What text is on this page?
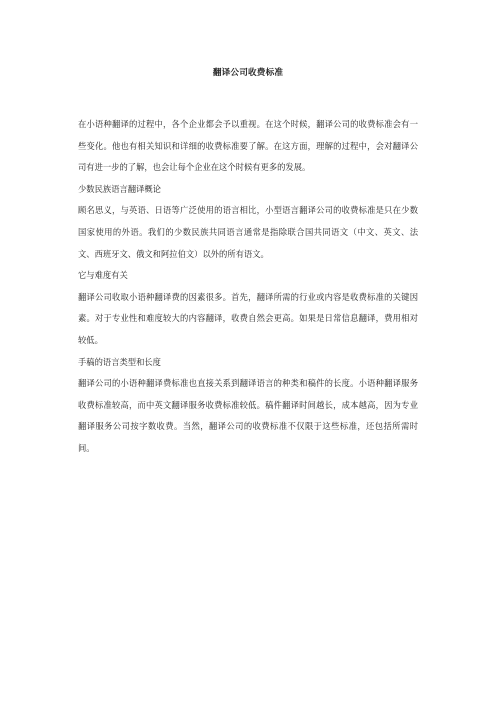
翻译公司收费标准

在小语种翻译的过程中，各个企业都会予以重视。在这个时候，翻译公司的收费标准会有一些变化。他也有相关知识和详细的收费标准要了解。在这方面，理解的过程中，会对翻译公司有进一步的了解，也会让每个企业在这个时候有更多的发展。

少数民族语言翻译概论

顾名思义，与英语、日语等广泛使用的语言相比，小型语言翻译公司的收费标准是只在少数国家使用的外语。我们的少数民族共同语言通常是指除联合国共同语文（中文、英文、法文、西班牙文、俄文和阿拉伯文）以外的所有语文。

它与难度有关

翻译公司收取小语种翻译费的因素很多。首先，翻译所需的行业或内容是收费标准的关键因素。对于专业性和难度较大的内容翻译，收费自然会更高。如果是日常信息翻译，费用相对较低。

手稿的语言类型和长度

翻译公司的小语种翻译费标准也直接关系到翻译语言的种类和稿件的长度。小语种翻译服务收费标准较高，而中英文翻译服务收费标准较低。稿件翻译时间越长，成本越高，因为专业翻译服务公司按字数收费。当然，翻译公司的收费标准不仅限于这些标准，还包括所需时间。
